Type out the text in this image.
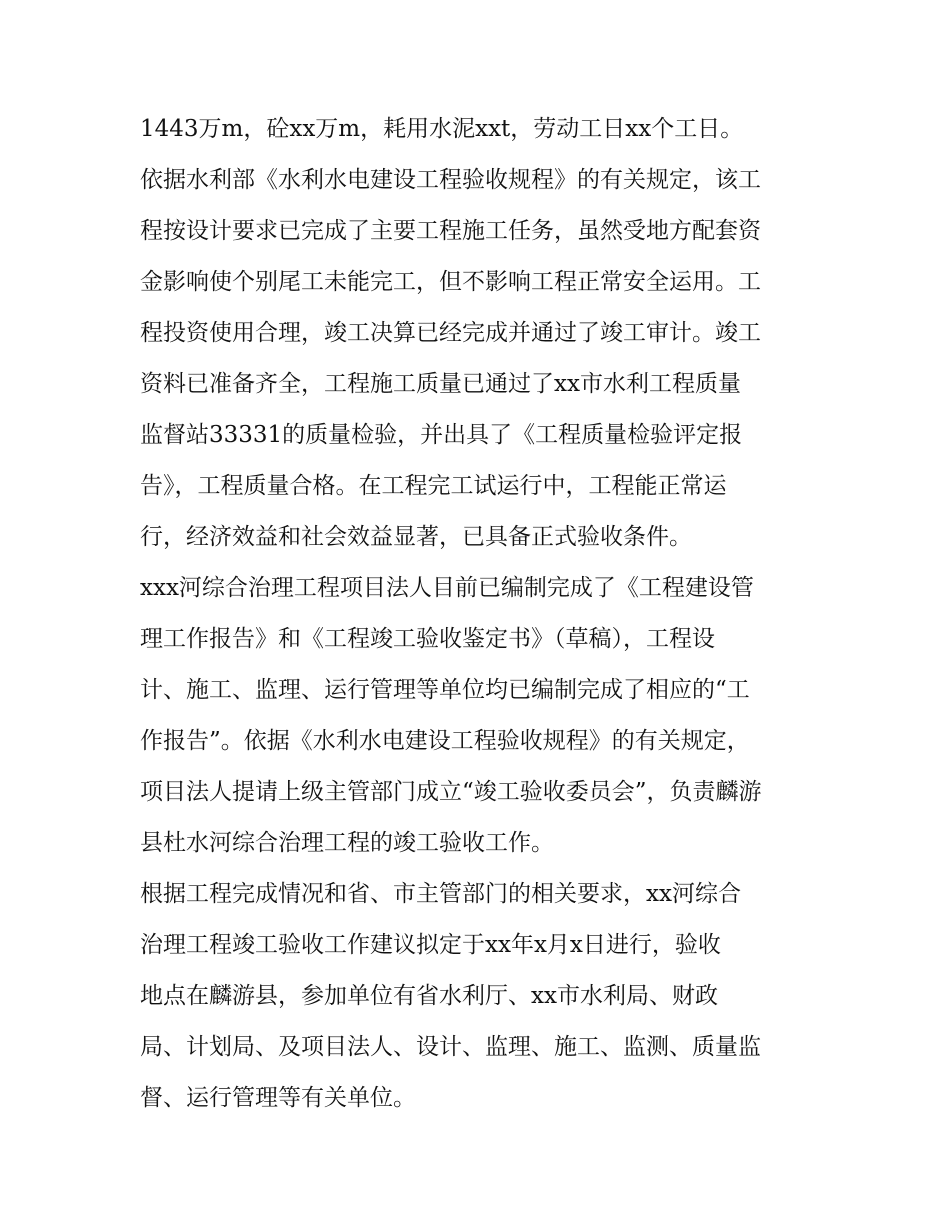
1443万m，砼xx万m，耗用水泥xxt，劳动工日xx个工日。
依据水利部《水利水电建设工程验收规程》的有关规定，该工
程按设计要求已完成了主要工程施工任务，虽然受地方配套资
金影响使个别尾工未能完工，但不影响工程正常安全运用。工
程投资使用合理，竣工决算已经完成并通过了竣工审计。竣工
资料已准备齐全，工程施工质量已通过了xx市水利工程质量
监督站33331的质量检验，并出具了《工程质量检验评定报
告》，工程质量合格。在工程完工试运行中，工程能正常运
行，经济效益和社会效益显著，已具备正式验收条件。
xxx河综合治理工程项目法人目前已编制完成了《工程建设管
理工作报告》和《工程竣工验收鉴定书》（草稿），工程设
计、施工、监理、运行管理等单位均已编制完成了相应的“工
作报告”。依据《水利水电建设工程验收规程》的有关规定，
项目法人提请上级主管部门成立“竣工验收委员会”，负责麟游
县杜水河综合治理工程的竣工验收工作。
根据工程完成情况和省、市主管部门的相关要求，xx河综合
治理工程竣工验收工作建议拟定于xx年x月x日进行，验收
地点在麟游县，参加单位有省水利厅、xx市水利局、财政
局、计划局、及项目法人、设计、监理、施工、监测、质量监
督、运行管理等有关单位。
